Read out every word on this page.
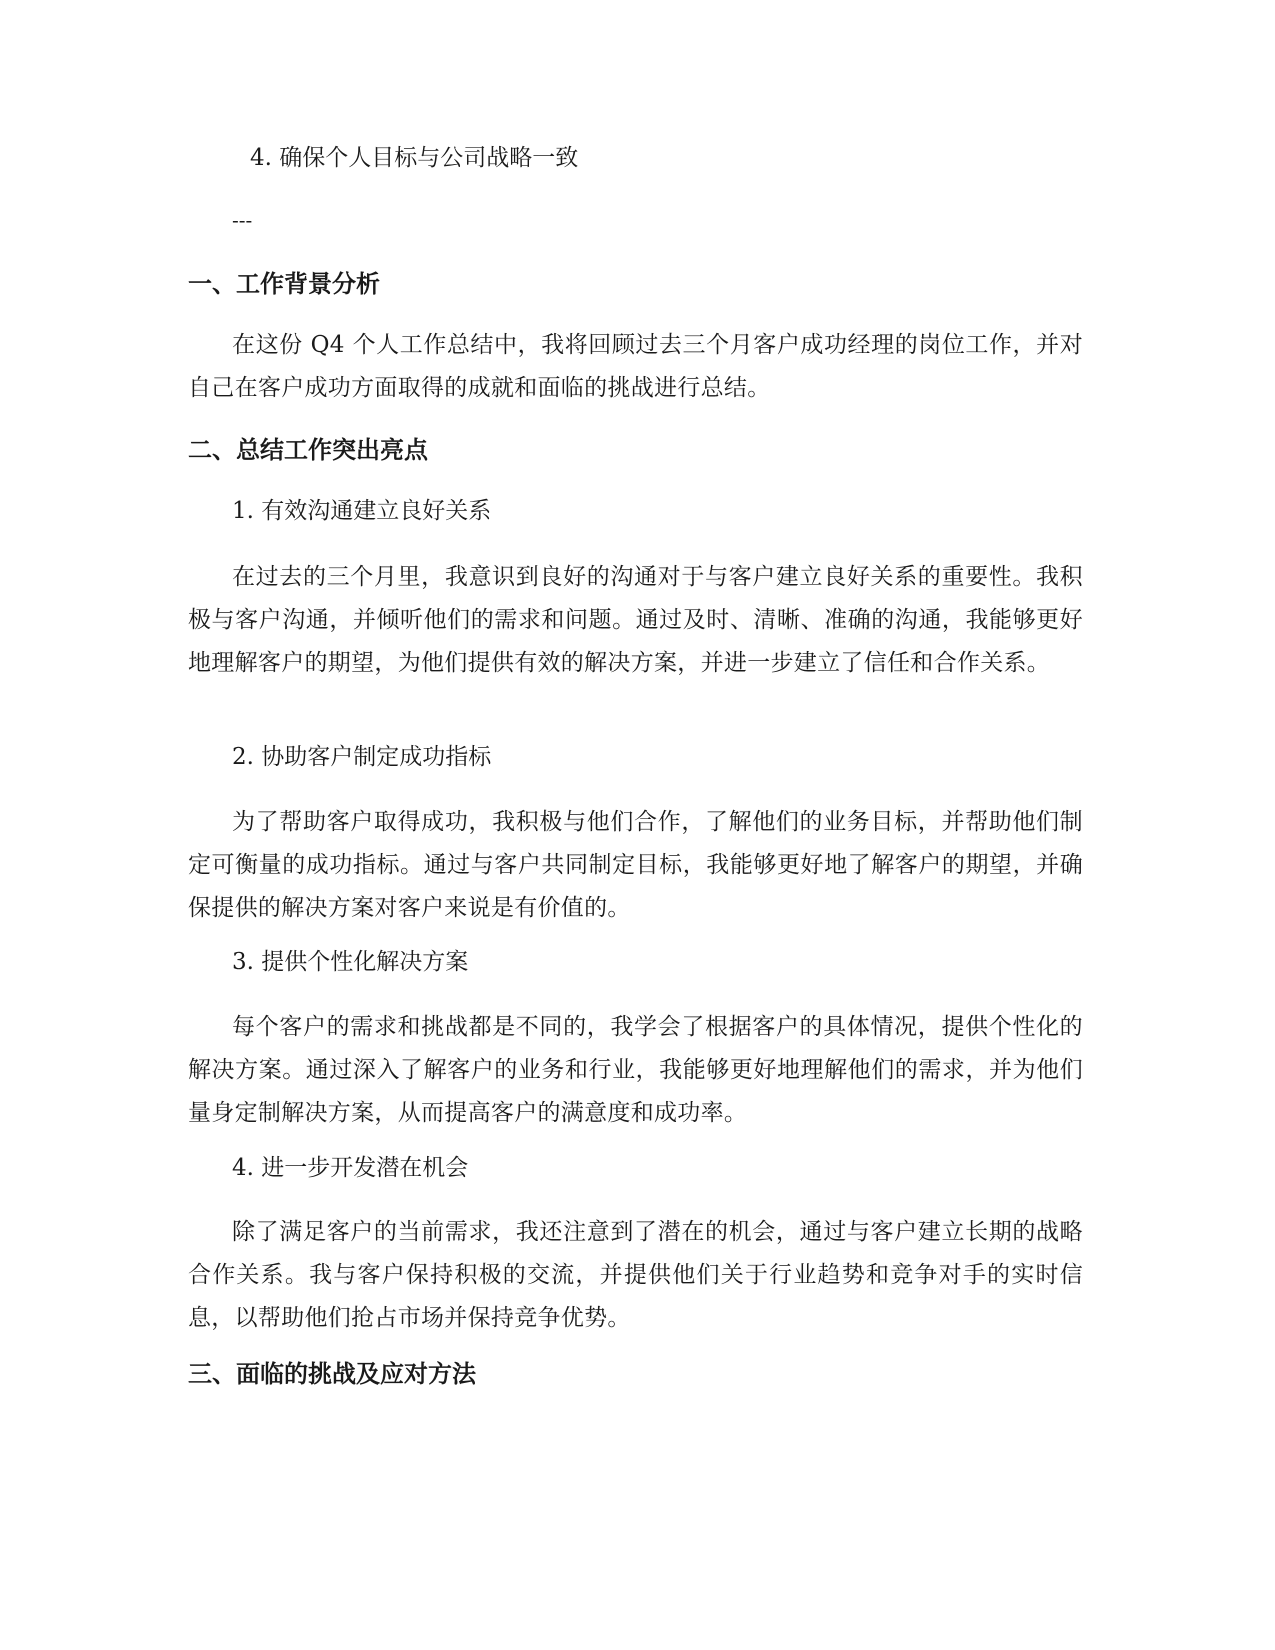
4. 确保个人目标与公司战略一致
---
一、工作背景分析
在这份 Q4 个人工作总结中，我将回顾过去三个月客户成功经理的岗位工作，并对自己在客户成功方面取得的成就和面临的挑战进行总结。
二、总结工作突出亮点
1. 有效沟通建立良好关系
在过去的三个月里，我意识到良好的沟通对于与客户建立良好关系的重要性。我积极与客户沟通，并倾听他们的需求和问题。通过及时、清晰、准确的沟通，我能够更好地理解客户的期望，为他们提供有效的解决方案，并进一步建立了信任和合作关系。
2. 协助客户制定成功指标
为了帮助客户取得成功，我积极与他们合作，了解他们的业务目标，并帮助他们制定可衡量的成功指标。通过与客户共同制定目标，我能够更好地了解客户的期望，并确保提供的解决方案对客户来说是有价值的。
3. 提供个性化解决方案
每个客户的需求和挑战都是不同的，我学会了根据客户的具体情况，提供个性化的解决方案。通过深入了解客户的业务和行业，我能够更好地理解他们的需求，并为他们量身定制解决方案，从而提高客户的满意度和成功率。
4. 进一步开发潜在机会
除了满足客户的当前需求，我还注意到了潜在的机会，通过与客户建立长期的战略合作关系。我与客户保持积极的交流，并提供他们关于行业趋势和竞争对手的实时信息，以帮助他们抢占市场并保持竞争优势。
三、面临的挑战及应对方法
